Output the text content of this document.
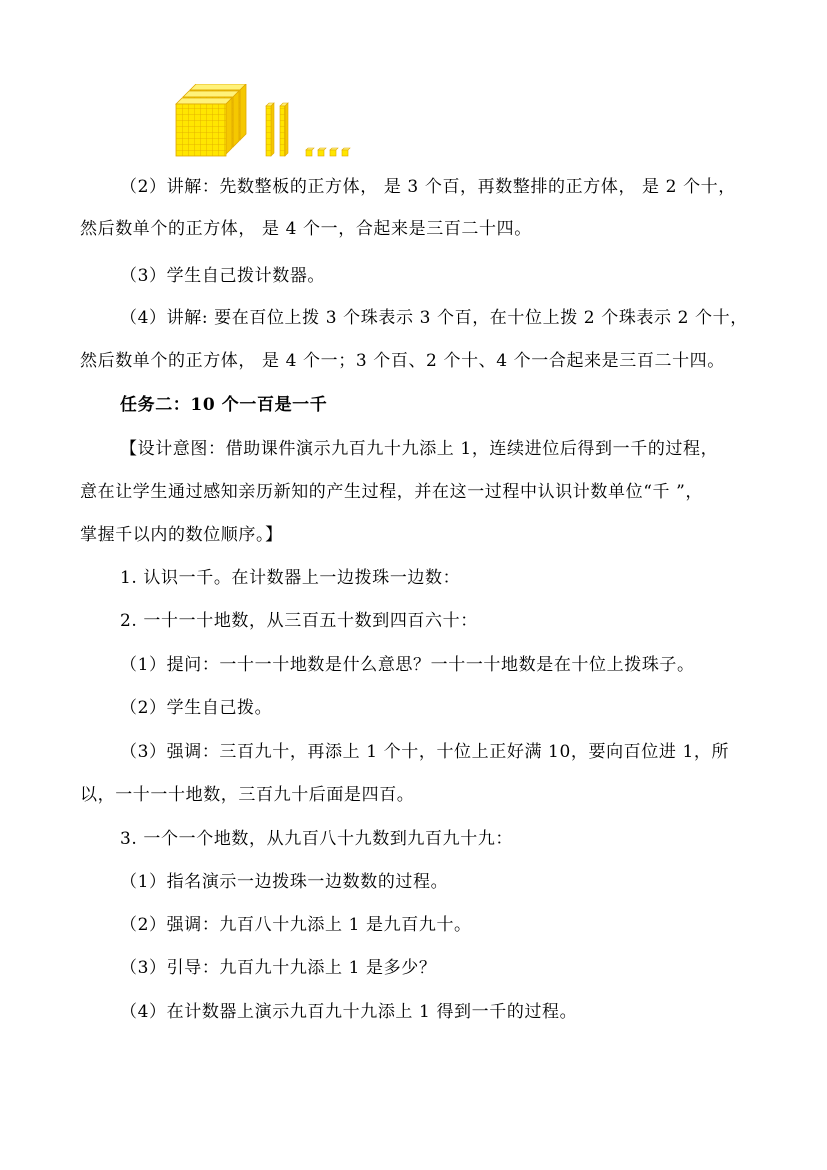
（2）讲解：先数整板的正方体， 是 3 个百，再数整排的正方体， 是 2 个十，
然后数单个的正方体， 是 4 个一，合起来是三百二十四。
（3）学生自己拨计数器。
（4）讲解: 要在百位上拨 3 个珠表示 3 个百，在十位上拨 2 个珠表示 2 个十，
然后数单个的正方体， 是 4 个一；3 个百、2 个十、4 个一合起来是三百二十四。
任务二：10 个一百是一千
【设计意图：借助课件演示九百九十九添上 1，连续进位后得到一千的过程，
意在让学生通过感知亲历新知的产生过程，并在这一过程中认识计数单位“千 ”，
掌握千以内的数位顺序。】
1. 认识一千。在计数器上一边拨珠一边数：
2. 一十一十地数，从三百五十数到四百六十：
（1）提问：一十一十地数是什么意思？一十一十地数是在十位上拨珠子。
（2）学生自己拨。
（3）强调：三百九十，再添上 1 个十，十位上正好满 10，要向百位进 1，所
以，一十一十地数，三百九十后面是四百。
3. 一个一个地数，从九百八十九数到九百九十九：
（1）指名演示一边拨珠一边数数的过程。
（2）强调：九百八十九添上 1 是九百九十。
（3）引导：九百九十九添上 1 是多少？
（4）在计数器上演示九百九十九添上 1 得到一千的过程。
